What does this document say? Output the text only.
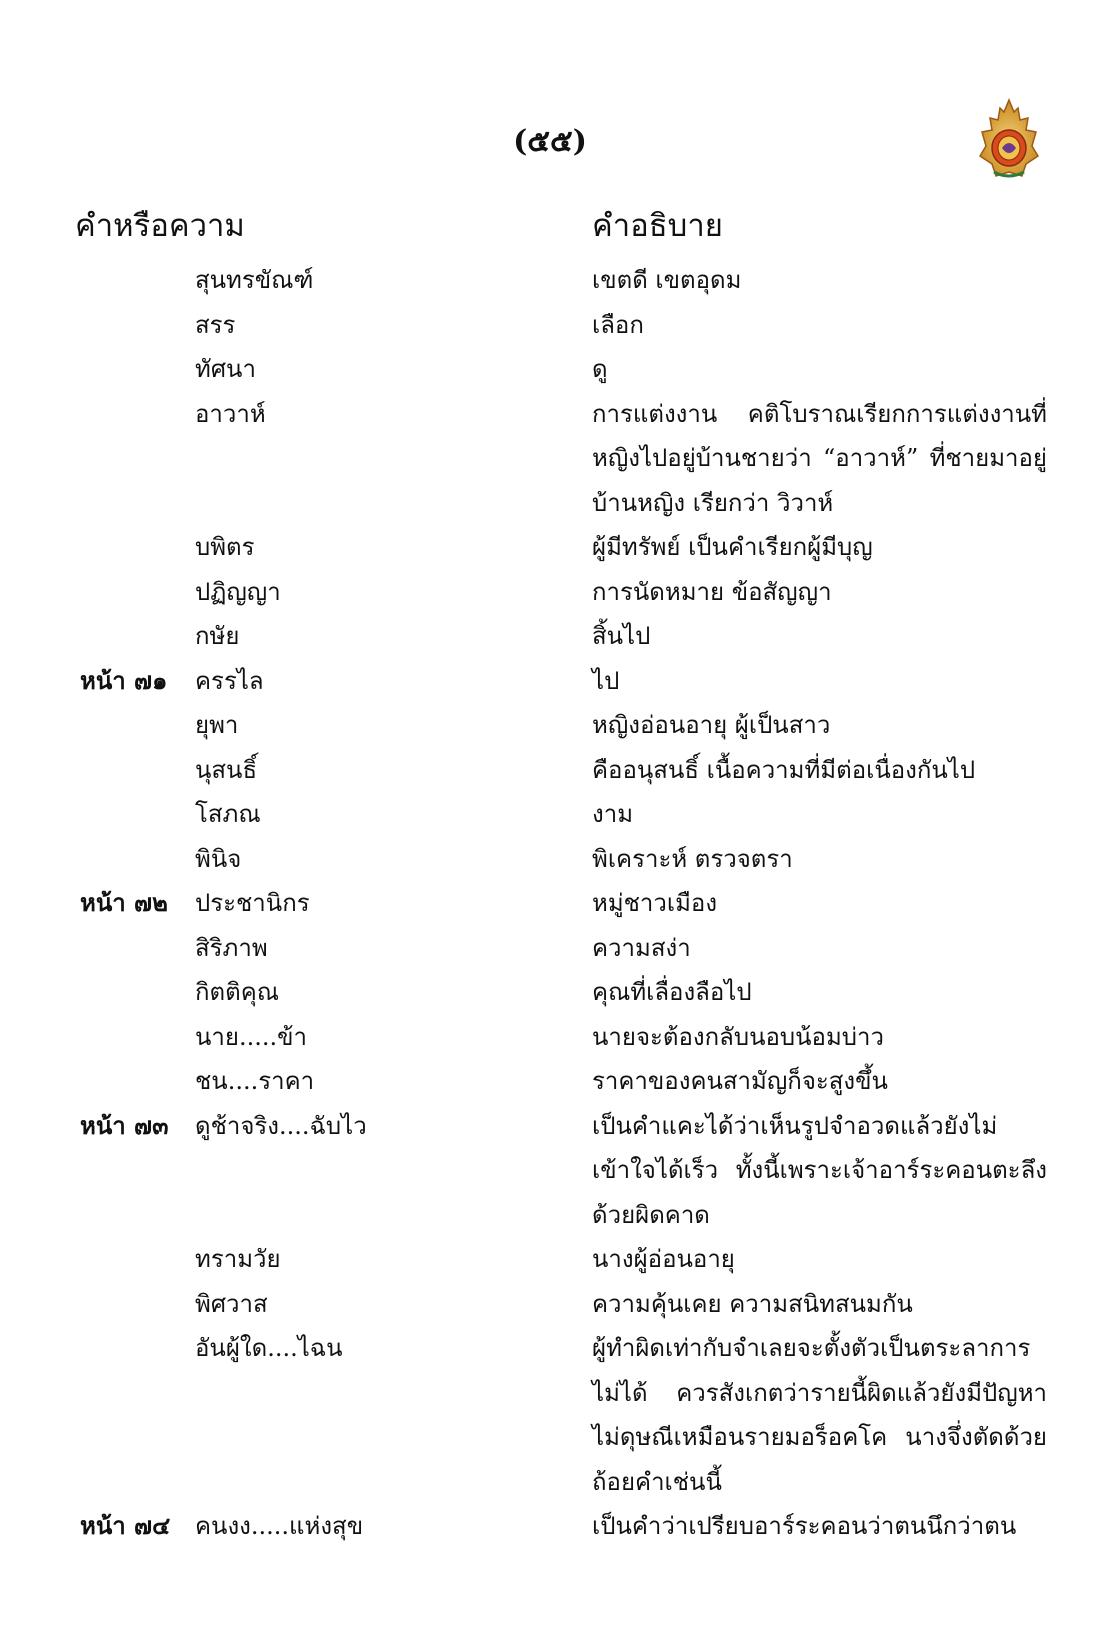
(๕๕)
คำหรือความ	คำอธิบาย
สุนทรขัณฑ์	เขตดี เขตอุดม
สรร	เลือก
ทัศนา	ดู
อาวาห์	การแต่งงาน คติโบราณเรียกการแต่งงานที่หญิงไปอยู่บ้านชายว่า “อาวาห์” ที่ชายมาอยู่บ้านหญิง เรียกว่า วิวาห์
บพิตร	ผู้มีทรัพย์ เป็นคำเรียกผู้มีบุญ
ปฏิญญา	การนัดหมาย ข้อสัญญา
กษัย	สิ้นไป
หน้า ๗๑	ครรไล	ไป
ยุพา	หญิงอ่อนอายุ ผู้เป็นสาว
นุสนธิ์	คืออนุสนธิ์ เนื้อความที่มีต่อเนื่องกันไป
โสภณ	งาม
พินิจ	พิเคราะห์ ตรวจตรา
หน้า ๗๒	ประชานิกร	หมู่ชาวเมือง
สิริภาพ	ความสง่า
กิตติคุณ	คุณที่เลื่องลือไป
นาย.....ข้า	นายจะต้องกลับนอบน้อมบ่าว
ชน....ราคา	ราคาของคนสามัญก็จะสูงขึ้น
หน้า ๗๓	ดูช้าจริง....ฉับไว	เป็นคำแคะได้ว่าเห็นรูปจำอวดแล้วยังไม่เข้าใจได้เร็ว ทั้งนี้เพราะเจ้าอาร์ระคอนตะลึงด้วยผิดคาด
ทรามวัย	นางผู้อ่อนอายุ
พิศวาส	ความคุ้นเคย ความสนิทสนมกัน
อันผู้ใด....ไฉน	ผู้ทำผิดเท่ากับจำเลยจะตั้งตัวเป็นตระลาการไม่ได้ ควรสังเกตว่ารายนี้ผิดแล้วยังมีปัญหาไม่ดุษณีเหมือนรายมอร็อคโค นางจึ่งตัดด้วยถ้อยคำเช่นนี้
หน้า ๗๔	คนงง.....แห่งสุข	เป็นคำว่าเปรียบอาร์ระคอนว่าตนนึกว่าตน
